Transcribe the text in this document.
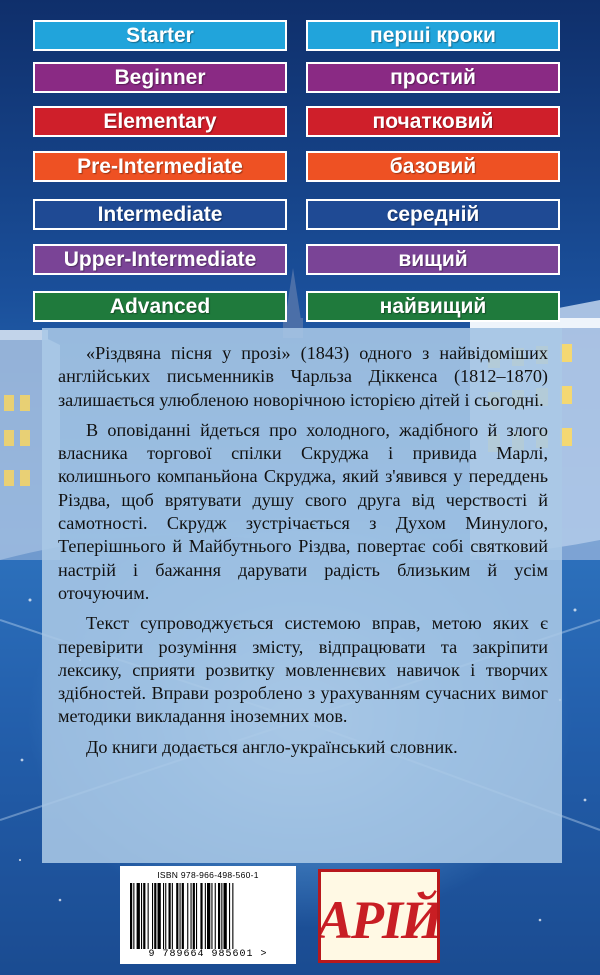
Starter	перші кроки
Beginner	простий
Elementary	початковий
Pre-Intermediate	базовий
Intermediate	середній
Upper-Intermediate	вищий
Advanced	найвищий

«Різдвяна пісня у прозі» (1843) одного з найвідоміших англійських письменників Чарльза Діккенса (1812–1870) залишається улюбленою новорічною історією дітей і сьогодні.

В оповіданні йдеться про холодного, жадібного й злого власника торгової спілки Скруджа і привида Марлі, колишнього компаньйона Скруджа, який з'явився у переддень Різдва, щоб врятувати душу свого друга від черствості й самотності. Скрудж зустрічається з Духом Минулого, Теперішнього й Майбутнього Різдва, повертає собі святковий настрій і бажання дарувати радість близьким й усім оточуючим.

Текст супроводжується системою вправ, метою яких є перевірити розуміння змісту, відпрацювати та закріпити лексику, сприяти розвитку мовленнєвих навичок і творчих здібностей. Вправи розроблено з урахуванням сучасних вимог методики викладання іноземних мов.

До книги додається англо-український словник.

ISBN 978-966-498-560-1
9 789664 985601 >
АРІЙ
